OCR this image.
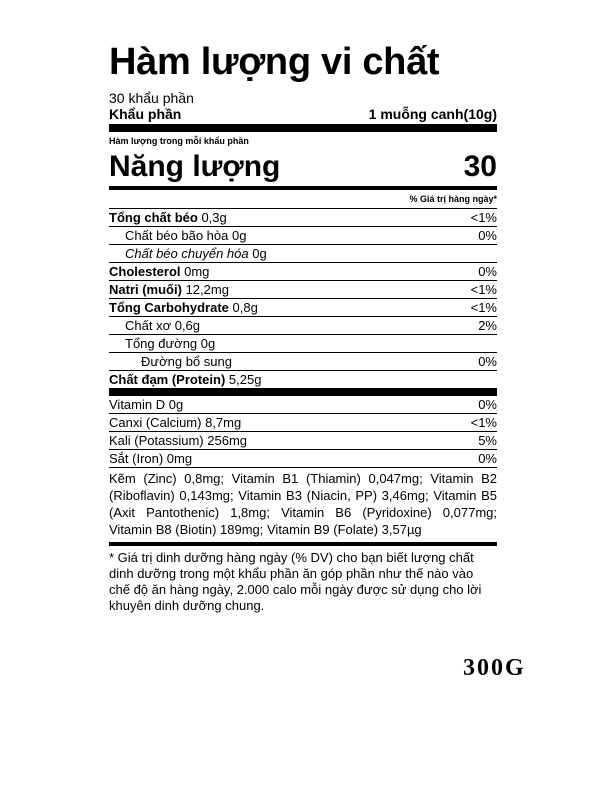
Hàm lượng vi chất
30 khẩu phần
Khẩu phần	1 muỗng canh(10g)
Hàm lượng trong mỗi khẩu phần
Năng lượng	30
% Giá trị hàng ngày*
Tổng chất béo 0,3g	<1%
Chất béo bão hòa 0g	0%
Chất béo chuyển hóa 0g
Cholesterol 0mg	0%
Natri (muối) 12,2mg	<1%
Tổng Carbohydrate 0,8g	<1%
Chất xơ 0,6g	2%
Tổng đường 0g
Đường bổ sung	0%
Chất đạm (Protein) 5,25g
Vitamin D 0g	0%
Canxi (Calcium) 8,7mg	<1%
Kali (Potassium) 256mg	5%
Sắt (Iron) 0mg	0%
Kẽm (Zinc) 0,8mg; Vitamin B1 (Thiamin) 0,047mg; Vitamin B2 (Riboflavin) 0,143mg; Vitamin B3 (Niacin, PP) 3,46mg; Vitamin B5 (Axit Pantothenic) 1,8mg; Vitamin B6 (Pyridoxine) 0,077mg; Vitamin B8 (Biotin) 189mg; Vitamin B9 (Folate) 3,57µg
* Giá trị dinh dưỡng hàng ngày (% DV) cho bạn biết lượng chất dinh dưỡng trong một khẩu phần ăn góp phần như thế nào vào chế độ ăn hàng ngày, 2.000 calo mỗi ngày được sử dụng cho lời khuyên dinh dưỡng chung.
300G
